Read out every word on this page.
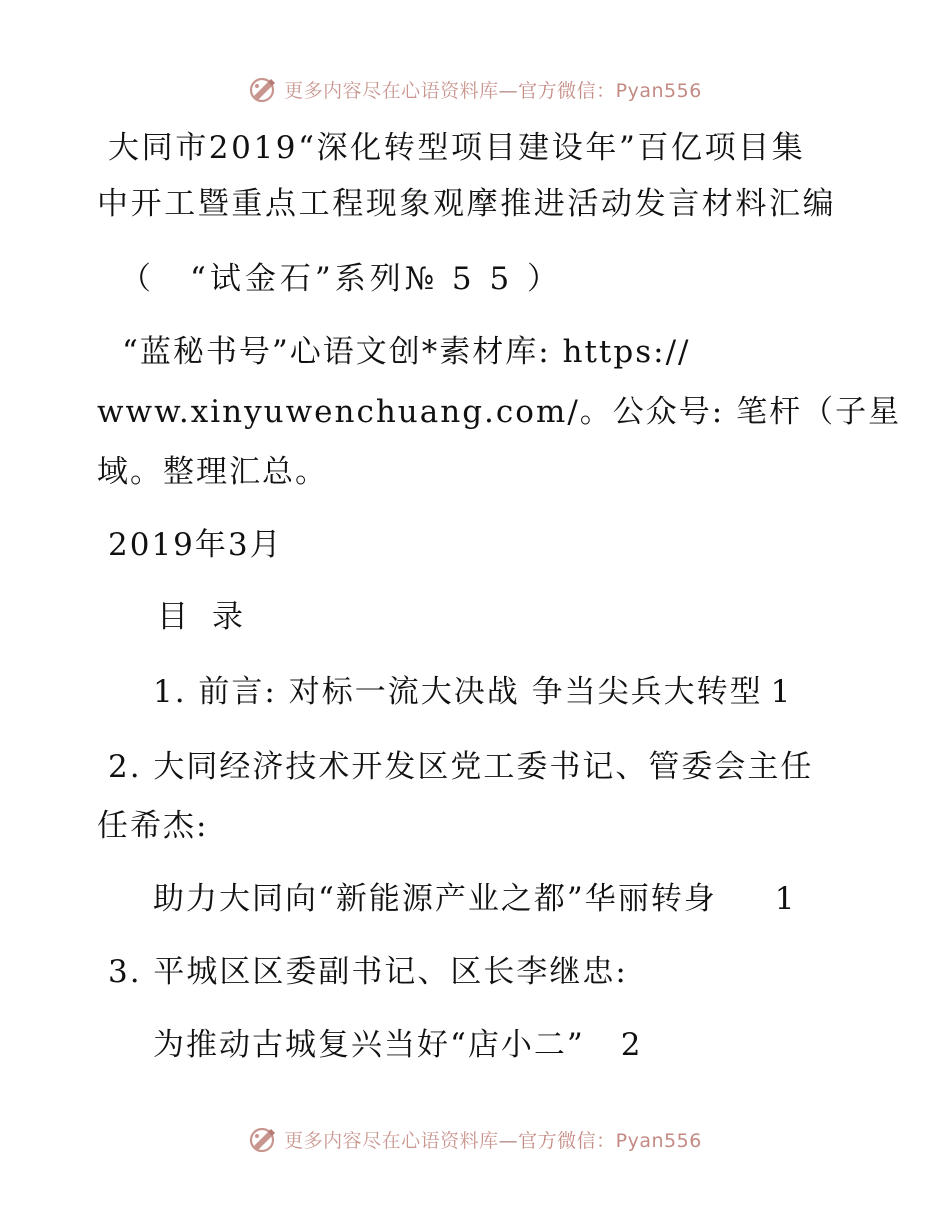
更多内容尽在心语资料库—官方微信：Pyan556
大同市2019“深化转型项目建设年”百亿项目集
中开工暨重点工程现象观摩推进活动发言材料汇编
（　“试金石”系列№ 5 5 ）
“蓝秘书号”心语文创*素材库: https://
www.xinyuwenchuang.com/。公众号: 笔杆（子星
域。整理汇总。
2019年3月
目 录
1. 前言: 对标一流大决战 争当尖兵大转型 1
2. 大同经济技术开发区党工委书记、管委会主任
任希杰:
助力大同向“新能源产业之都”华丽转身 1
3. 平城区区委副书记、区长李继忠:
为推动古城复兴当好“店小二” 2
更多内容尽在心语资料库—官方微信：Pyan556
